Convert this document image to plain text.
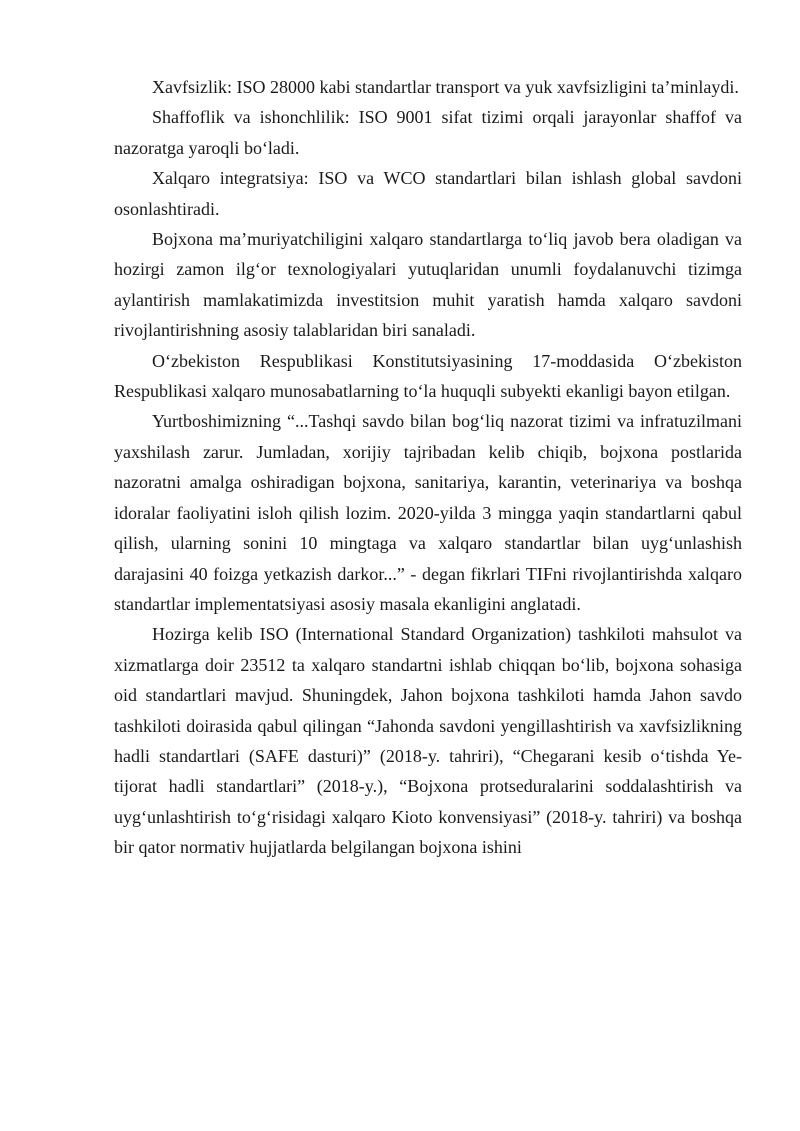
Xavfsizlik: ISO 28000 kabi standartlar transport va yuk xavfsizligini ta’minlaydi.

Shaffoflik va ishonchlilik: ISO 9001 sifat tizimi orqali jarayonlar shaffof va nazoratga yaroqli bo‘ladi.

Xalqaro integratsiya: ISO va WCO standartlari bilan ishlash global savdoni osonlashtiradi.

Bojxona ma’muriyatchiligini xalqaro standartlarga to‘liq javob bera oladigan va hozirgi zamon ilg‘or texnologiyalari yutuqlaridan unumli foydalanuvchi tizimga aylantirish mamlakatimizda investitsion muhit yaratish hamda xalqaro savdoni rivojlantirishning asosiy talablaridan biri sanaladi.

O‘zbekiston Respublikasi Konstitutsiyasining 17-moddasida O‘zbekiston Respublikasi xalqaro munosabatlarning to‘la huquqli subyekti ekanligi bayon etilgan.

Yurtboshimizning “...Tashqi savdo bilan bog‘liq nazorat tizimi va infratuzilmani yaxshilash zarur. Jumladan, xorijiy tajribadan kelib chiqib, bojxona postlarida nazoratni amalga oshiradigan bojxona, sanitariya, karantin, veterinariya va boshqa idoralar faoliyatini isloh qilish lozim. 2020-yilda 3 mingga yaqin standartlarni qabul qilish, ularning sonini 10 mingtaga va xalqaro standartlar bilan uyg‘unlashish darajasini 40 foizga yetkazish darkor...” - degan fikrlari TIFni rivojlantirishda xalqaro standartlar implementatsiyasi asosiy masala ekanligini anglatadi.

Hozirga kelib ISO (International Standard Organization) tashkiloti mahsulot va xizmatlarga doir 23512 ta xalqaro standartni ishlab chiqqan bo‘lib, bojxona sohasiga oid standartlari mavjud. Shuningdek, Jahon bojxona tashkiloti hamda Jahon savdo tashkiloti doirasida qabul qilingan “Jahonda savdoni yengillashtirish va xavfsizlikning hadli standartlari (SAFE dasturi)” (2018-y. tahriri), “Chegarani kesib o‘tishda Ye-tijorat hadli standartlari” (2018-y.), “Bojxona protseduralarini soddalashtirish va uyg‘unlashtirish to‘g‘risidagi xalqaro Kioto konvensiyasi” (2018-y. tahriri) va boshqa bir qator normativ hujjatlarda belgilangan bojxona ishini
